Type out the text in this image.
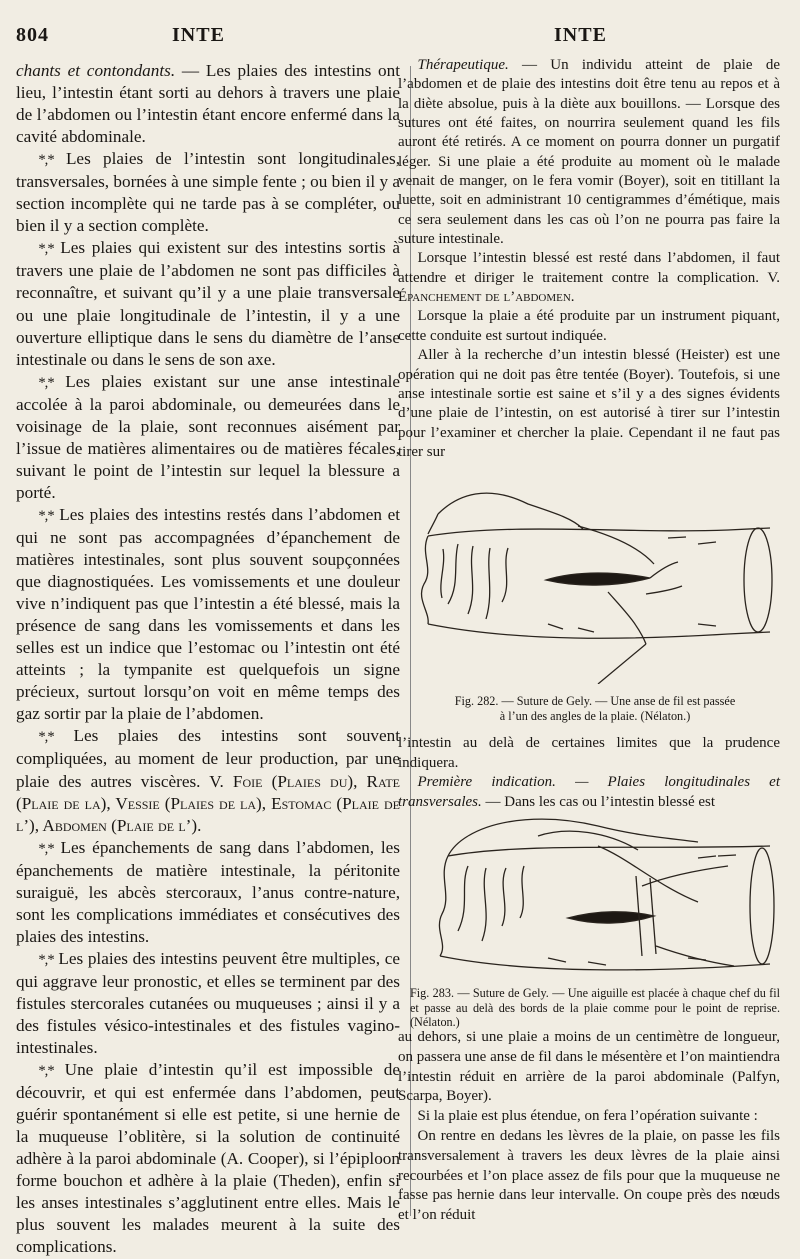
804	INTE	INTE

chants et contondants. — Les plaies des intestins ont lieu, l’intestin étant sorti au dehors à travers une plaie de l’abdomen ou l’intestin étant encore enfermé dans la cavité abdominale.

*,* Les plaies de l’intestin sont longitudinales, transversales, bornées à une simple fente ; ou bien il y a section incomplète qui ne tarde pas à se compléter, ou bien il y a section complète.

*,* Les plaies qui existent sur des intestins sortis à travers une plaie de l’abdomen ne sont pas difficiles à reconnaître, et suivant qu’il y a une plaie transversale ou une plaie longitudinale de l’intestin, il y a une ouverture elliptique dans le sens du diamètre de l’anse intestinale ou dans le sens de son axe.

*,* Les plaies existant sur une anse intestinale accolée à la paroi abdominale, ou demeurées dans le voisinage de la plaie, sont reconnues aisément par l’issue de matières alimentaires ou de matières fécales, suivant le point de l’intestin sur lequel la blessure a porté.

*,* Les plaies des intestins restés dans l’abdomen et qui ne sont pas accompagnées d’épanchement de matières intestinales, sont plus souvent soupçonnées que diagnostiquées. Les vomissements et une douleur vive n’indiquent pas que l’intestin a été blessé, mais la présence de sang dans les vomissements et dans les selles est un indice que l’estomac ou l’intestin ont été atteints ; la tympanite est quelquefois un signe précieux, surtout lorsqu’on voit en même temps des gaz sortir par la plaie de l’abdomen.

*,* Les plaies des intestins sont souvent compliquées, au moment de leur production, par une plaie des autres viscères. V. Foie (Plaies du), Rate (Plaie de la), Vessie (Plaies de la), Estomac (Plaie de l’), Abdomen (Plaie de l’).

*,* Les épanchements de sang dans l’abdomen, les épanchements de matière intestinale, la péritonite suraiguë, les abcès stercoraux, l’anus contre-nature, sont les complications immédiates et consécutives des plaies des intestins.

*,* Les plaies des intestins peuvent être multiples, ce qui aggrave leur pronostic, et elles se terminent par des fistules stercorales cutanées ou muqueuses ; ainsi il y a des fistules vésico-intestinales et des fistules vagino-intestinales.

*,* Une plaie d’intestin qu’il est impossible de découvrir, et qui est enfermée dans l’abdomen, peut guérir spontanément si elle est petite, si une hernie de la muqueuse l’oblitère, si la solution de continuité adhère à la paroi abdominale (A. Cooper), si l’épiploon forme bouchon et adhère à la plaie (Theden), enfin si les anses intestinales s’agglutinent entre elles. Mais le plus souvent les malades meurent à la suite des complications.

Thérapeutique. — Un individu atteint de plaie de l’abdomen et de plaie des intestins doit être tenu au repos et à la diète absolue, puis à la diète aux bouillons. — Lorsque des sutures ont été faites, on nourrira seulement quand les fils auront été retirés. A ce moment on pourra donner un purgatif léger. Si une plaie a été produite au moment où le malade venait de manger, on le fera vomir (Boyer), soit en titillant la luette, soit en administrant 10 centigrammes d’émétique, mais ce sera seulement dans les cas où l’on ne pourra pas faire la suture intestinale.

Lorsque l’intestin blessé est resté dans l’abdomen, il faut attendre et diriger le traitement contre la complication. V. Épanchement de l’abdomen.

Lorsque la plaie a été produite par un instrument piquant, cette conduite est surtout indiquée.

Aller à la recherche d’un intestin blessé (Heister) est une opération qui ne doit pas être tentée (Boyer). Toutefois, si une anse intestinale sortie est saine et s’il y a des signes évidents d’une plaie de l’intestin, on est autorisé à tirer sur l’intestin pour l’examiner et chercher la plaie. Cependant il ne faut pas tirer sur

Fig. 282. — Suture de Gely. — Une anse de fil est passée
à l’un des angles de la plaie. (Nélaton.)

l’intestin au delà de certaines limites que la prudence indiquera.

Première indication. — Plaies longitudinales et transversales. — Dans les cas ou l’intestin blessé est

Fig. 283. — Suture de Gely. — Une aiguille est placée à chaque chef du fil et passe au delà des bords de la plaie comme pour le point de reprise. (Nélaton.)

au dehors, si une plaie a moins de un centimètre de longueur, on passera une anse de fil dans le mésentère et l’on maintiendra l’intestin réduit en arrière de la paroi abdominale (Palfyn, Scarpa, Boyer).

Si la plaie est plus étendue, on fera l’opération suivante :

On rentre en dedans les lèvres de la plaie, on passe les fils transversalement à travers les deux lèvres de la plaie ainsi recourbées et l’on place assez de fils pour que la muqueuse ne fasse pas hernie dans leur intervalle. On coupe près des nœuds et l’on réduit
